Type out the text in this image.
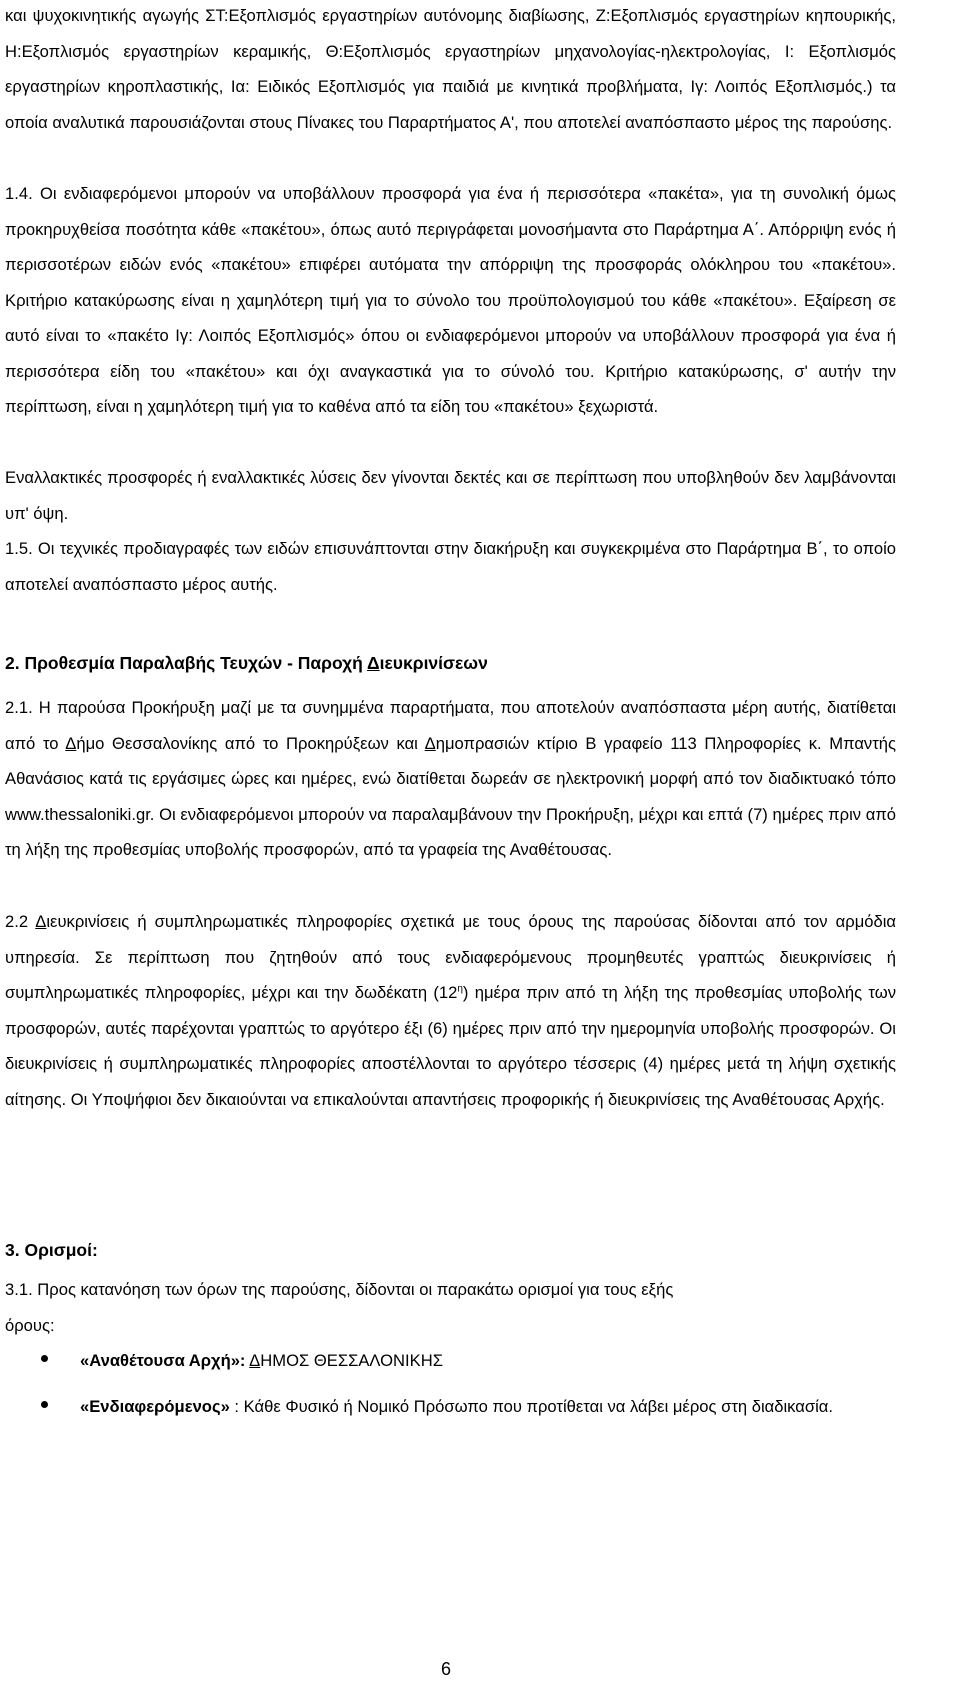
και ψυχοκινητικής αγωγής ΣΤ:Εξοπλισμός εργαστηρίων αυτόνομης διαβίωσης, Ζ:Εξοπλισμός εργαστηρίων κηπουρικής, Η:Εξοπλισμός εργαστηρίων κεραμικής, Θ:Εξοπλισμός εργαστηρίων μηχανολογίας-ηλεκτρολογίας, Ι: Εξοπλισμός εργαστηρίων κηροπλαστικής, Ια: Ειδικός Εξοπλισμός για παιδιά με κινητικά προβλήματα, Ιγ: Λοιπός Εξοπλισμός.) τα οποία αναλυτικά παρουσιάζονται στους Πίνακες του Παραρτήματος Α', που αποτελεί αναπόσπαστο μέρος της παρούσης.

1.4. Οι ενδιαφερόμενοι μπορούν να υποβάλλουν προσφορά για ένα ή περισσότερα «πακέτα», για τη συνολική όμως προκηρυχθείσα ποσότητα κάθε «πακέτου», όπως αυτό περιγράφεται μονοσήμαντα στο Παράρτημα Α΄. Απόρριψη ενός ή περισσοτέρων ειδών ενός «πακέτου» επιφέρει αυτόματα την απόρριψη της προσφοράς ολόκληρου του «πακέτου». Κριτήριο κατακύρωσης είναι η χαμηλότερη τιμή για το σύνολο του προϋπολογισμού του κάθε «πακέτου». Εξαίρεση σε αυτό είναι το «πακέτο Ιγ: Λοιπός Εξοπλισμός» όπου οι ενδιαφερόμενοι μπορούν να υποβάλλουν προσφορά για ένα ή περισσότερα είδη του «πακέτου» και όχι αναγκαστικά για το σύνολό του. Κριτήριο κατακύρωσης, σ' αυτήν την περίπτωση, είναι η χαμηλότερη τιμή για το καθένα από τα είδη του «πακέτου» ξεχωριστά.

Εναλλακτικές προσφορές ή εναλλακτικές λύσεις δεν γίνονται δεκτές και σε περίπτωση που υποβληθούν δεν λαμβάνονται υπ' όψη.

1.5. Οι τεχνικές προδιαγραφές των ειδών επισυνάπτονται στην διακήρυξη και συγκεκριμένα στο Παράρτημα Β΄, το οποίο αποτελεί αναπόσπαστο μέρος αυτής.

2. Προθεσμία Παραλαβής Τευχών - Παροχή Διευκρινίσεων

2.1. Η παρούσα Προκήρυξη μαζί με τα συνημμένα παραρτήματα, που αποτελούν αναπόσπαστα μέρη αυτής, διατίθεται από το Δήμο Θεσσαλονίκης από το Προκηρύξεων και Δημοπρασιών κτίριο Β γραφείο 113 Πληροφορίες κ. Μπαντής Αθανάσιος κατά τις εργάσιμες ώρες και ημέρες, ενώ διατίθεται δωρεάν σε ηλεκτρονική μορφή από τον διαδικτυακό τόπο www.thessaloniki.gr. Οι ενδιαφερόμενοι μπορούν να παραλαμβάνουν την Προκήρυξη, μέχρι και επτά (7) ημέρες πριν από τη λήξη της προθεσμίας υποβολής προσφορών, από τα γραφεία της Αναθέτουσας.

2.2 Διευκρινίσεις ή συμπληρωματικές πληροφορίες σχετικά με τους όρους της παρούσας δίδονται από τον αρμόδια υπηρεσία. Σε περίπτωση που ζητηθούν από τους ενδιαφερόμενους προμηθευτές γραπτώς διευκρινίσεις ή συμπληρωματικές πληροφορίες, μέχρι και την δωδέκατη $(12^\eta)$ ημέρα πριν από τη λήξη της προθεσμίας υποβολής των προσφορών, αυτές παρέχονται γραπτώς το αργότερο έξι (6) ημέρες πριν από την ημερομηνία υποβολής προσφορών. Οι διευκρινίσεις ή συμπληρωματικές πληροφορίες αποστέλλονται το αργότερο τέσσερις (4) ημέρες μετά τη λήψη σχετικής αίτησης. Οι Υποψήφιοι δεν δικαιούνται να επικαλούνται απαντήσεις προφορικής ή διευκρινίσεις της Αναθέτουσας Αρχής.

3. Ορισμοί:

3.1. Προς κατανόηση των όρων της παρούσης, δίδονται οι παρακάτω ορισμοί για τους εξής
όρους:

«Αναθέτουσα Αρχή»: ΔΗΜΟΣ ΘΕΣΣΑΛΟΝΙΚΗΣ
«Ενδιαφερόμενος» : Κάθε Φυσικό ή Νομικό Πρόσωπο που προτίθεται να λάβει μέρος στη διαδικασία.
6
